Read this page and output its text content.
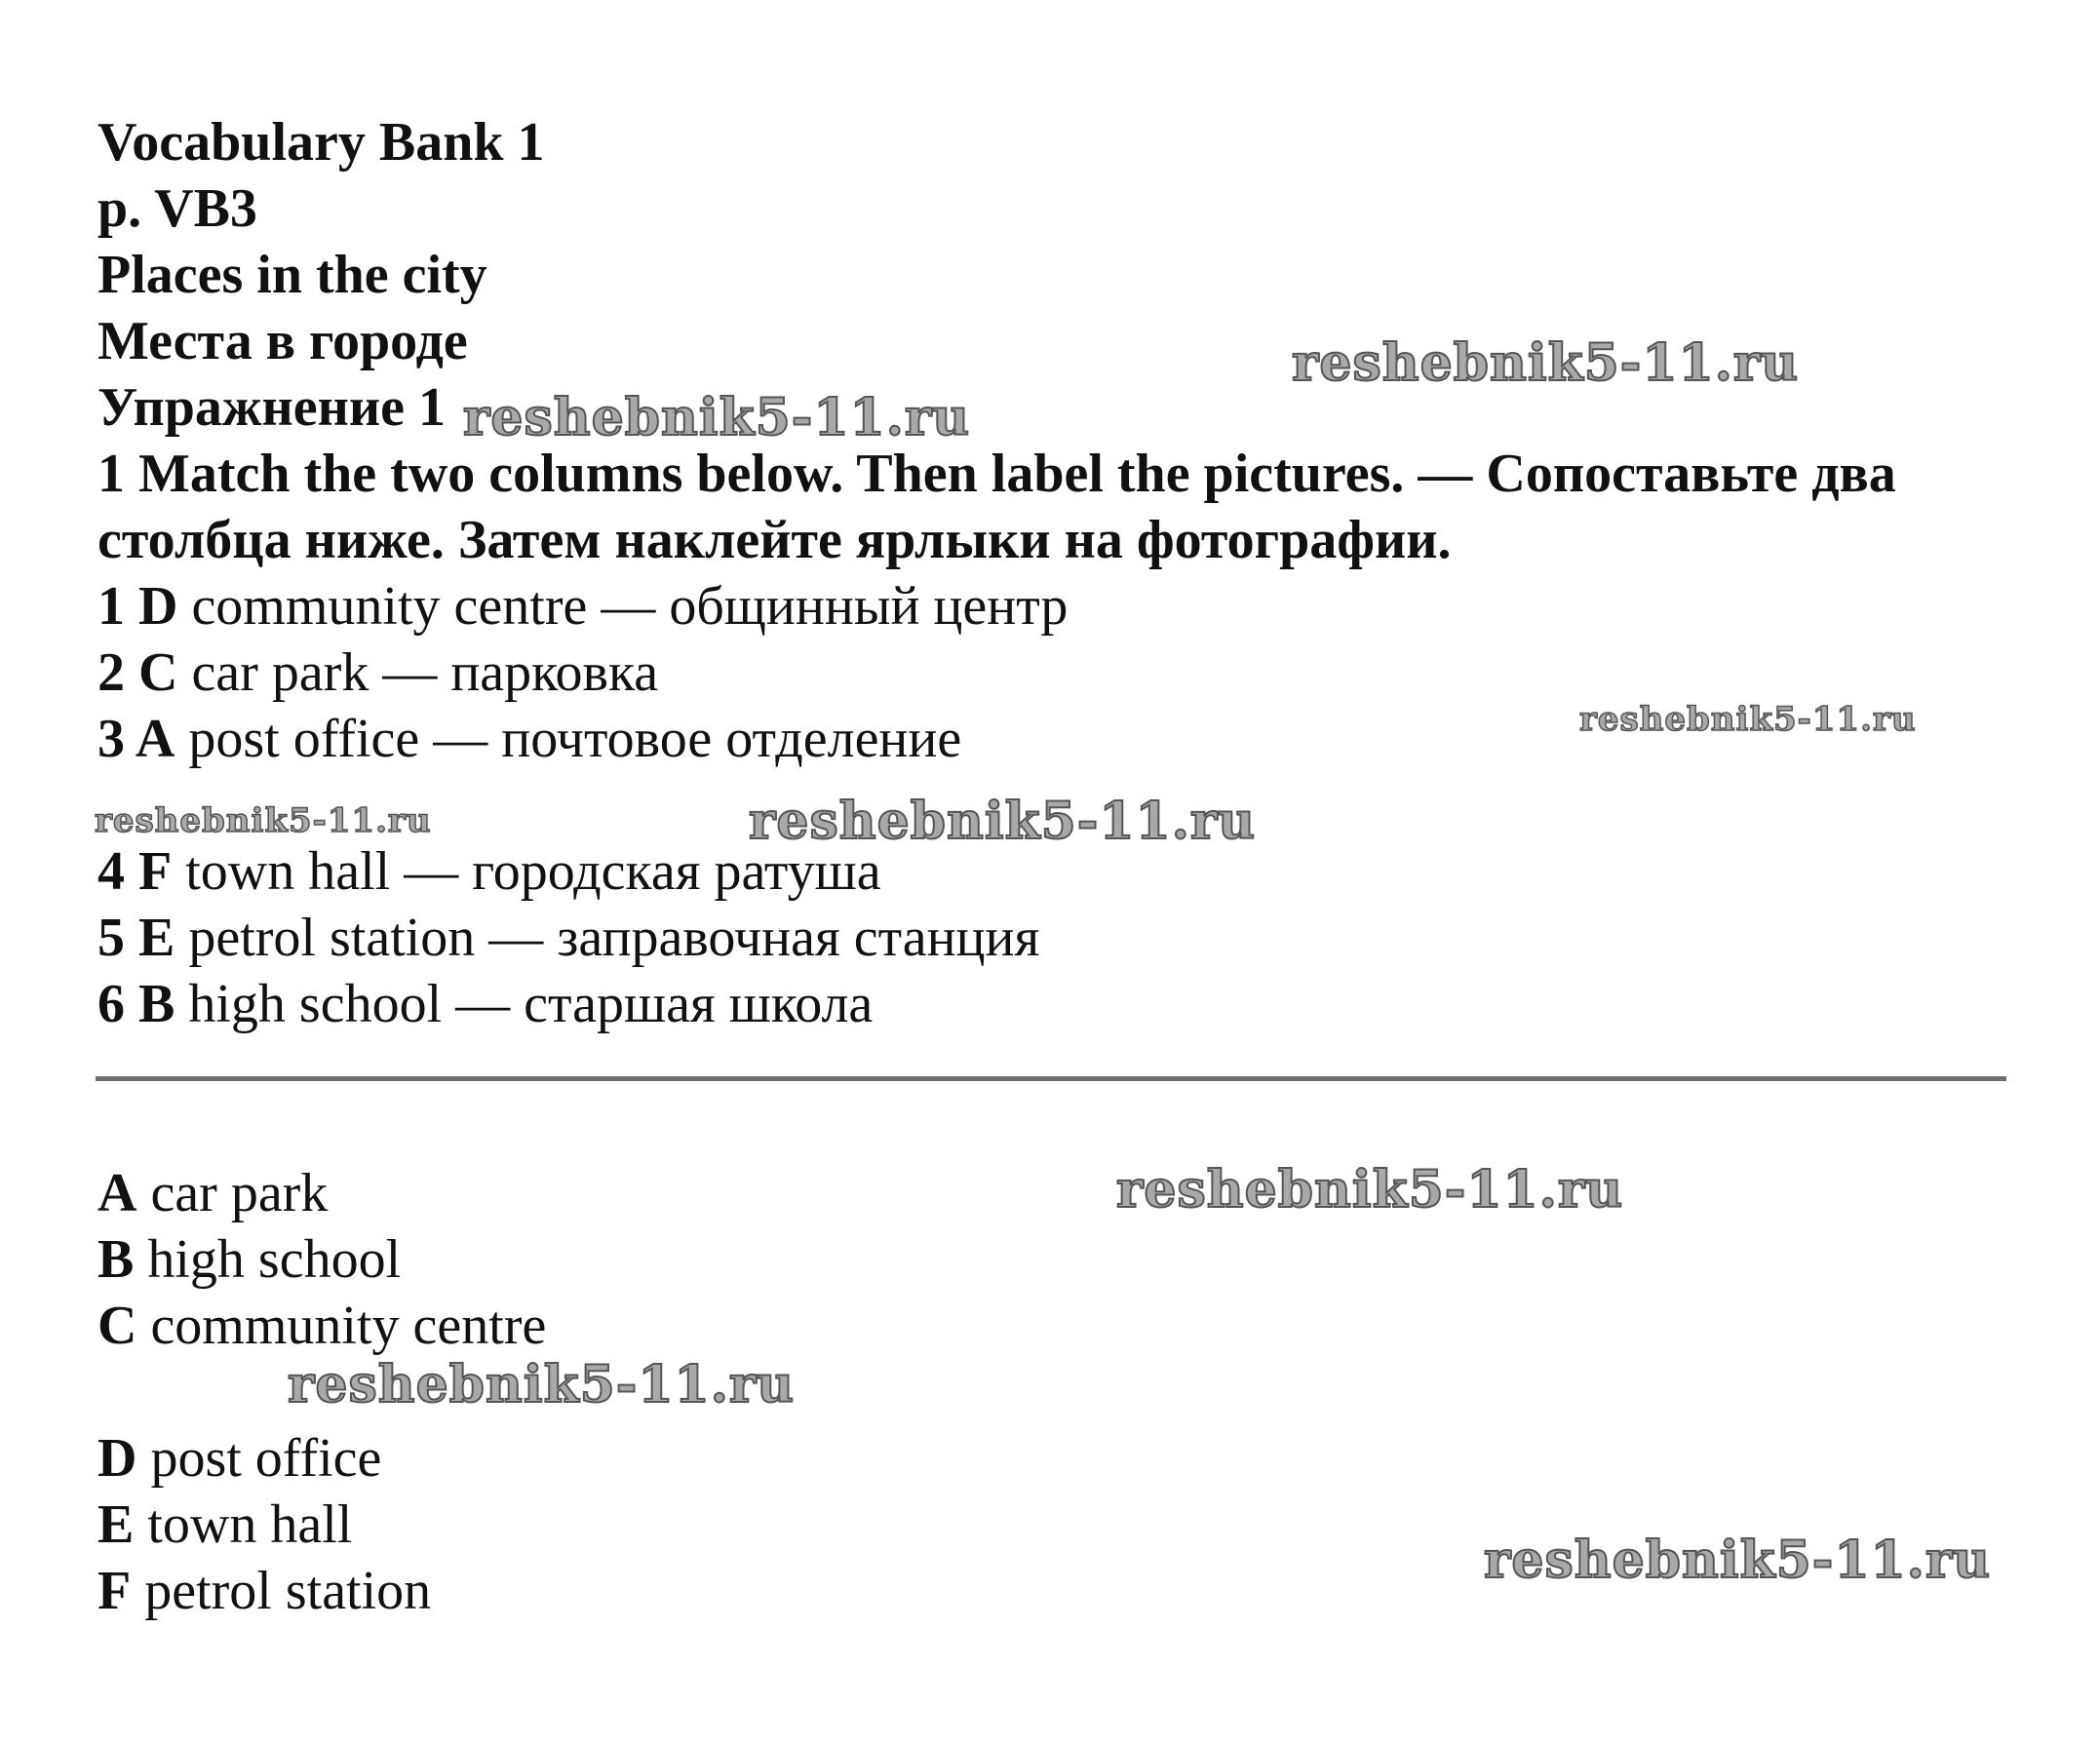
Vocabulary Bank 1
p. VB3
Places in the city
Места в городе
Упражнение 1
1 Match the two columns below. Then label the pictures. — Сопоставьте два столбца ниже. Затем наклейте ярлыки на фотографии.
1 D community centre — общинный центр
2 C car park — парковка
3 A post office — почтовое отделение
4 F town hall — городская ратуша
5 E petrol station — заправочная станция
6 B high school — старшая школа
A car park
B high school
C community centre
D post office
E town hall
F petrol station
reshebnik5-11.ru
reshebnik5-11.ru
reshebnik5-11.ru
reshebnik5-11.ru	reshebnik5-11.ru
reshebnik5-11.ru
reshebnik5-11.ru
reshebnik5-11.ru
